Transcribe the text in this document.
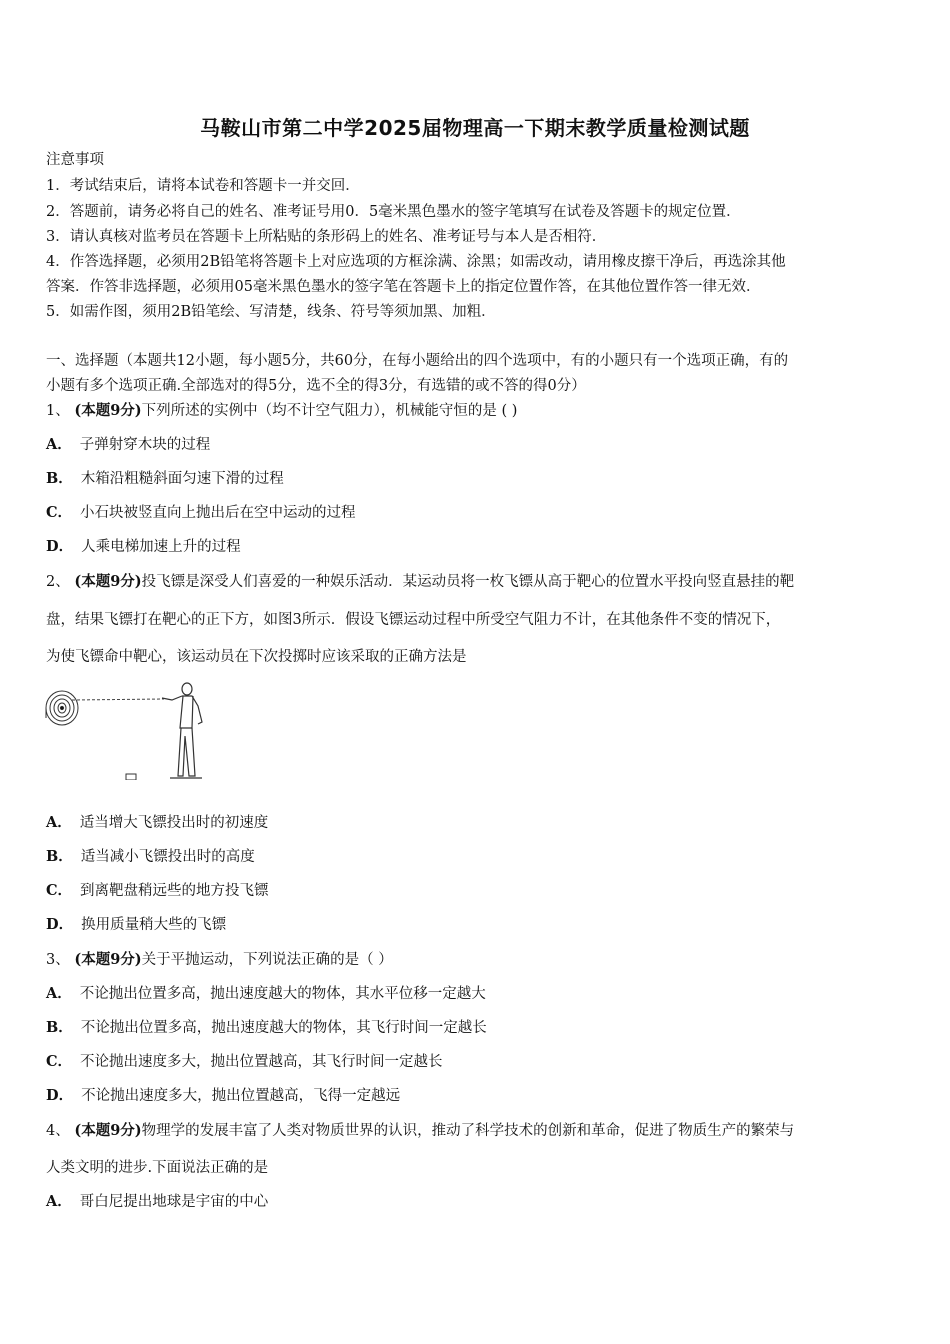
马鞍山市第二中学2025届物理高一下期末教学质量检测试题
注意事项
1．考试结束后，请将本试卷和答题卡一并交回．
2．答题前，请务必将自己的姓名、准考证号用0．5毫米黑色墨水的签字笔填写在试卷及答题卡的规定位置．
3．请认真核对监考员在答题卡上所粘贴的条形码上的姓名、准考证号与本人是否相符．
4．作答选择题，必须用2B铅笔将答题卡上对应选项的方框涂满、涂黑；如需改动，请用橡皮擦干净后，再选涂其他
答案．作答非选择题，必须用05毫米黑色墨水的签字笔在答题卡上的指定位置作答，在其他位置作答一律无效．
5．如需作图，须用2B铅笔绘、写清楚，线条、符号等须加黑、加粗．
一、选择题（本题共12小题，每小题5分，共60分，在每小题给出的四个选项中，有的小题只有一个选项正确，有的
小题有多个选项正确.全部选对的得5分，选不全的得3分，有选错的或不答的得0分）
1、 (本题9分)下列所述的实例中（均不计空气阻力），机械能守恒的是 ( )
A． 子弹射穿木块的过程
B． 木箱沿粗糙斜面匀速下滑的过程
C． 小石块被竖直向上抛出后在空中运动的过程
D． 人乘电梯加速上升的过程
2、 (本题9分)投飞镖是深受人们喜爱的一种娱乐活动．某运动员将一枚飞镖从高于靶心的位置水平投向竖直悬挂的靶
盘，结果飞镖打在靶心的正下方，如图3所示．假设飞镖运动过程中所受空气阻力不计，在其他条件不变的情况下，
为使飞镖命中靶心，该运动员在下次投掷时应该采取的正确方法是
A． 适当增大飞镖投出时的初速度
B． 适当减小飞镖投出时的高度
C． 到离靶盘稍远些的地方投飞镖
D． 换用质量稍大些的飞镖
3、 (本题9分)关于平抛运动，下列说法正确的是（ ）
A． 不论抛出位置多高，抛出速度越大的物体，其水平位移一定越大
B． 不论抛出位置多高，抛出速度越大的物体，其飞行时间一定越长
C． 不论抛出速度多大，抛出位置越高，其飞行时间一定越长
D． 不论抛出速度多大，抛出位置越高，飞得一定越远
4、 (本题9分)物理学的发展丰富了人类对物质世界的认识，推动了科学技术的创新和革命，促进了物质生产的繁荣与
人类文明的进步.下面说法正确的是
A． 哥白尼提出地球是宇宙的中心
